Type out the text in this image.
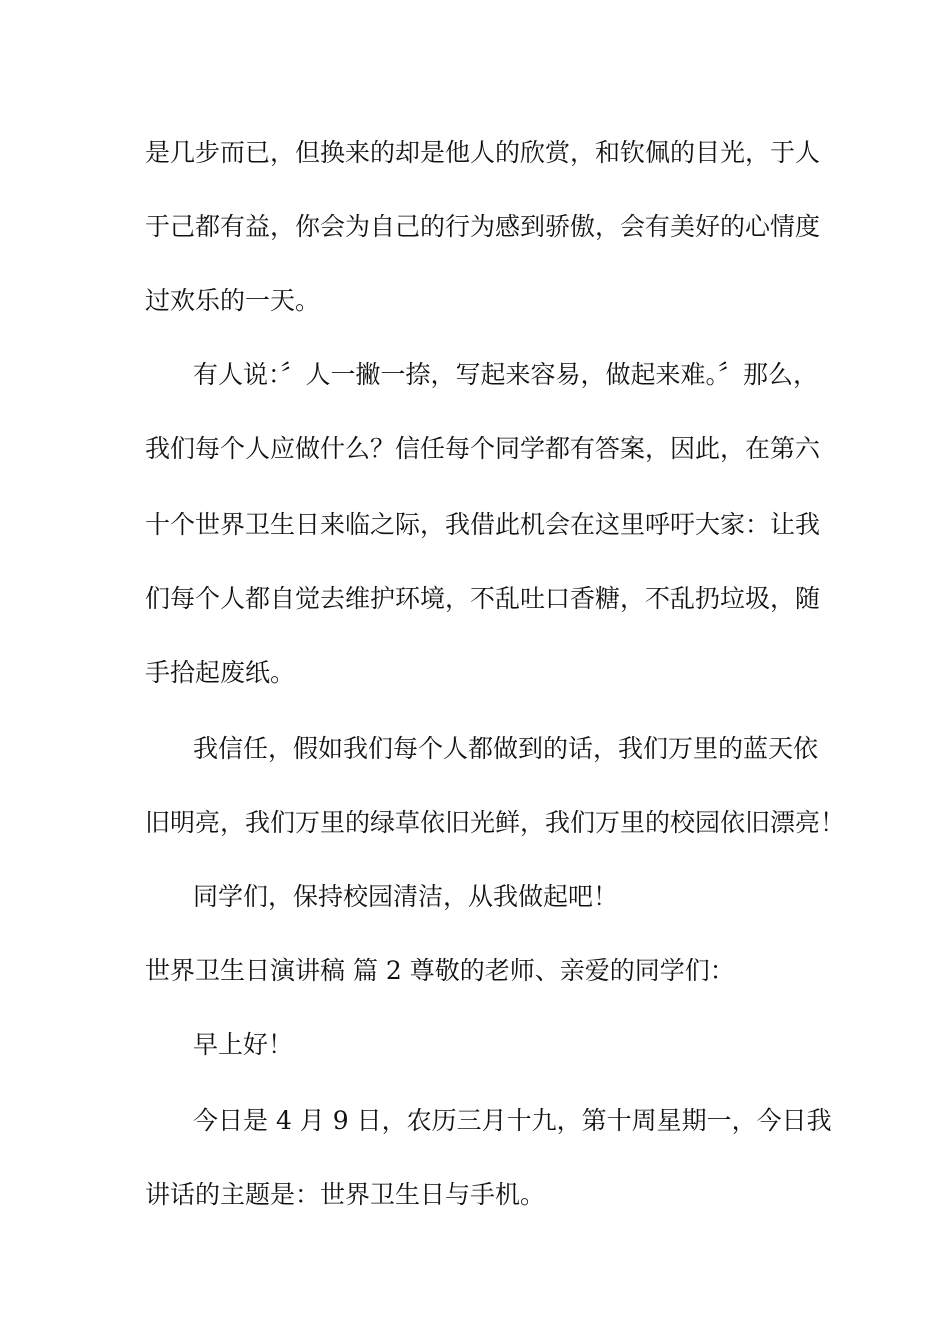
是几步而已，但换来的却是他人的欣赏，和钦佩的目光，于人
于己都有益，你会为自己的行为感到骄傲，会有美好的心情度
过欢乐的一天。
有人说：〞人一撇一捺，写起来容易，做起来难。〞那么，
我们每个人应做什么？信任每个同学都有答案，因此，在第六
十个世界卫生日来临之际，我借此机会在这里呼吁大家：让我
们每个人都自觉去维护环境，不乱吐口香糖，不乱扔垃圾，随
手拾起废纸。
我信任，假如我们每个人都做到的话，我们万里的蓝天依
旧明亮，我们万里的绿草依旧光鲜，我们万里的校园依旧漂亮！
同学们，保持校园清洁，从我做起吧！
世界卫生日演讲稿 篇 2 尊敬的老师、亲爱的同学们：
早上好！
今日是 4 月 9 日，农历三月十九，第十周星期一，今日我
讲话的主题是：世界卫生日与手机。
